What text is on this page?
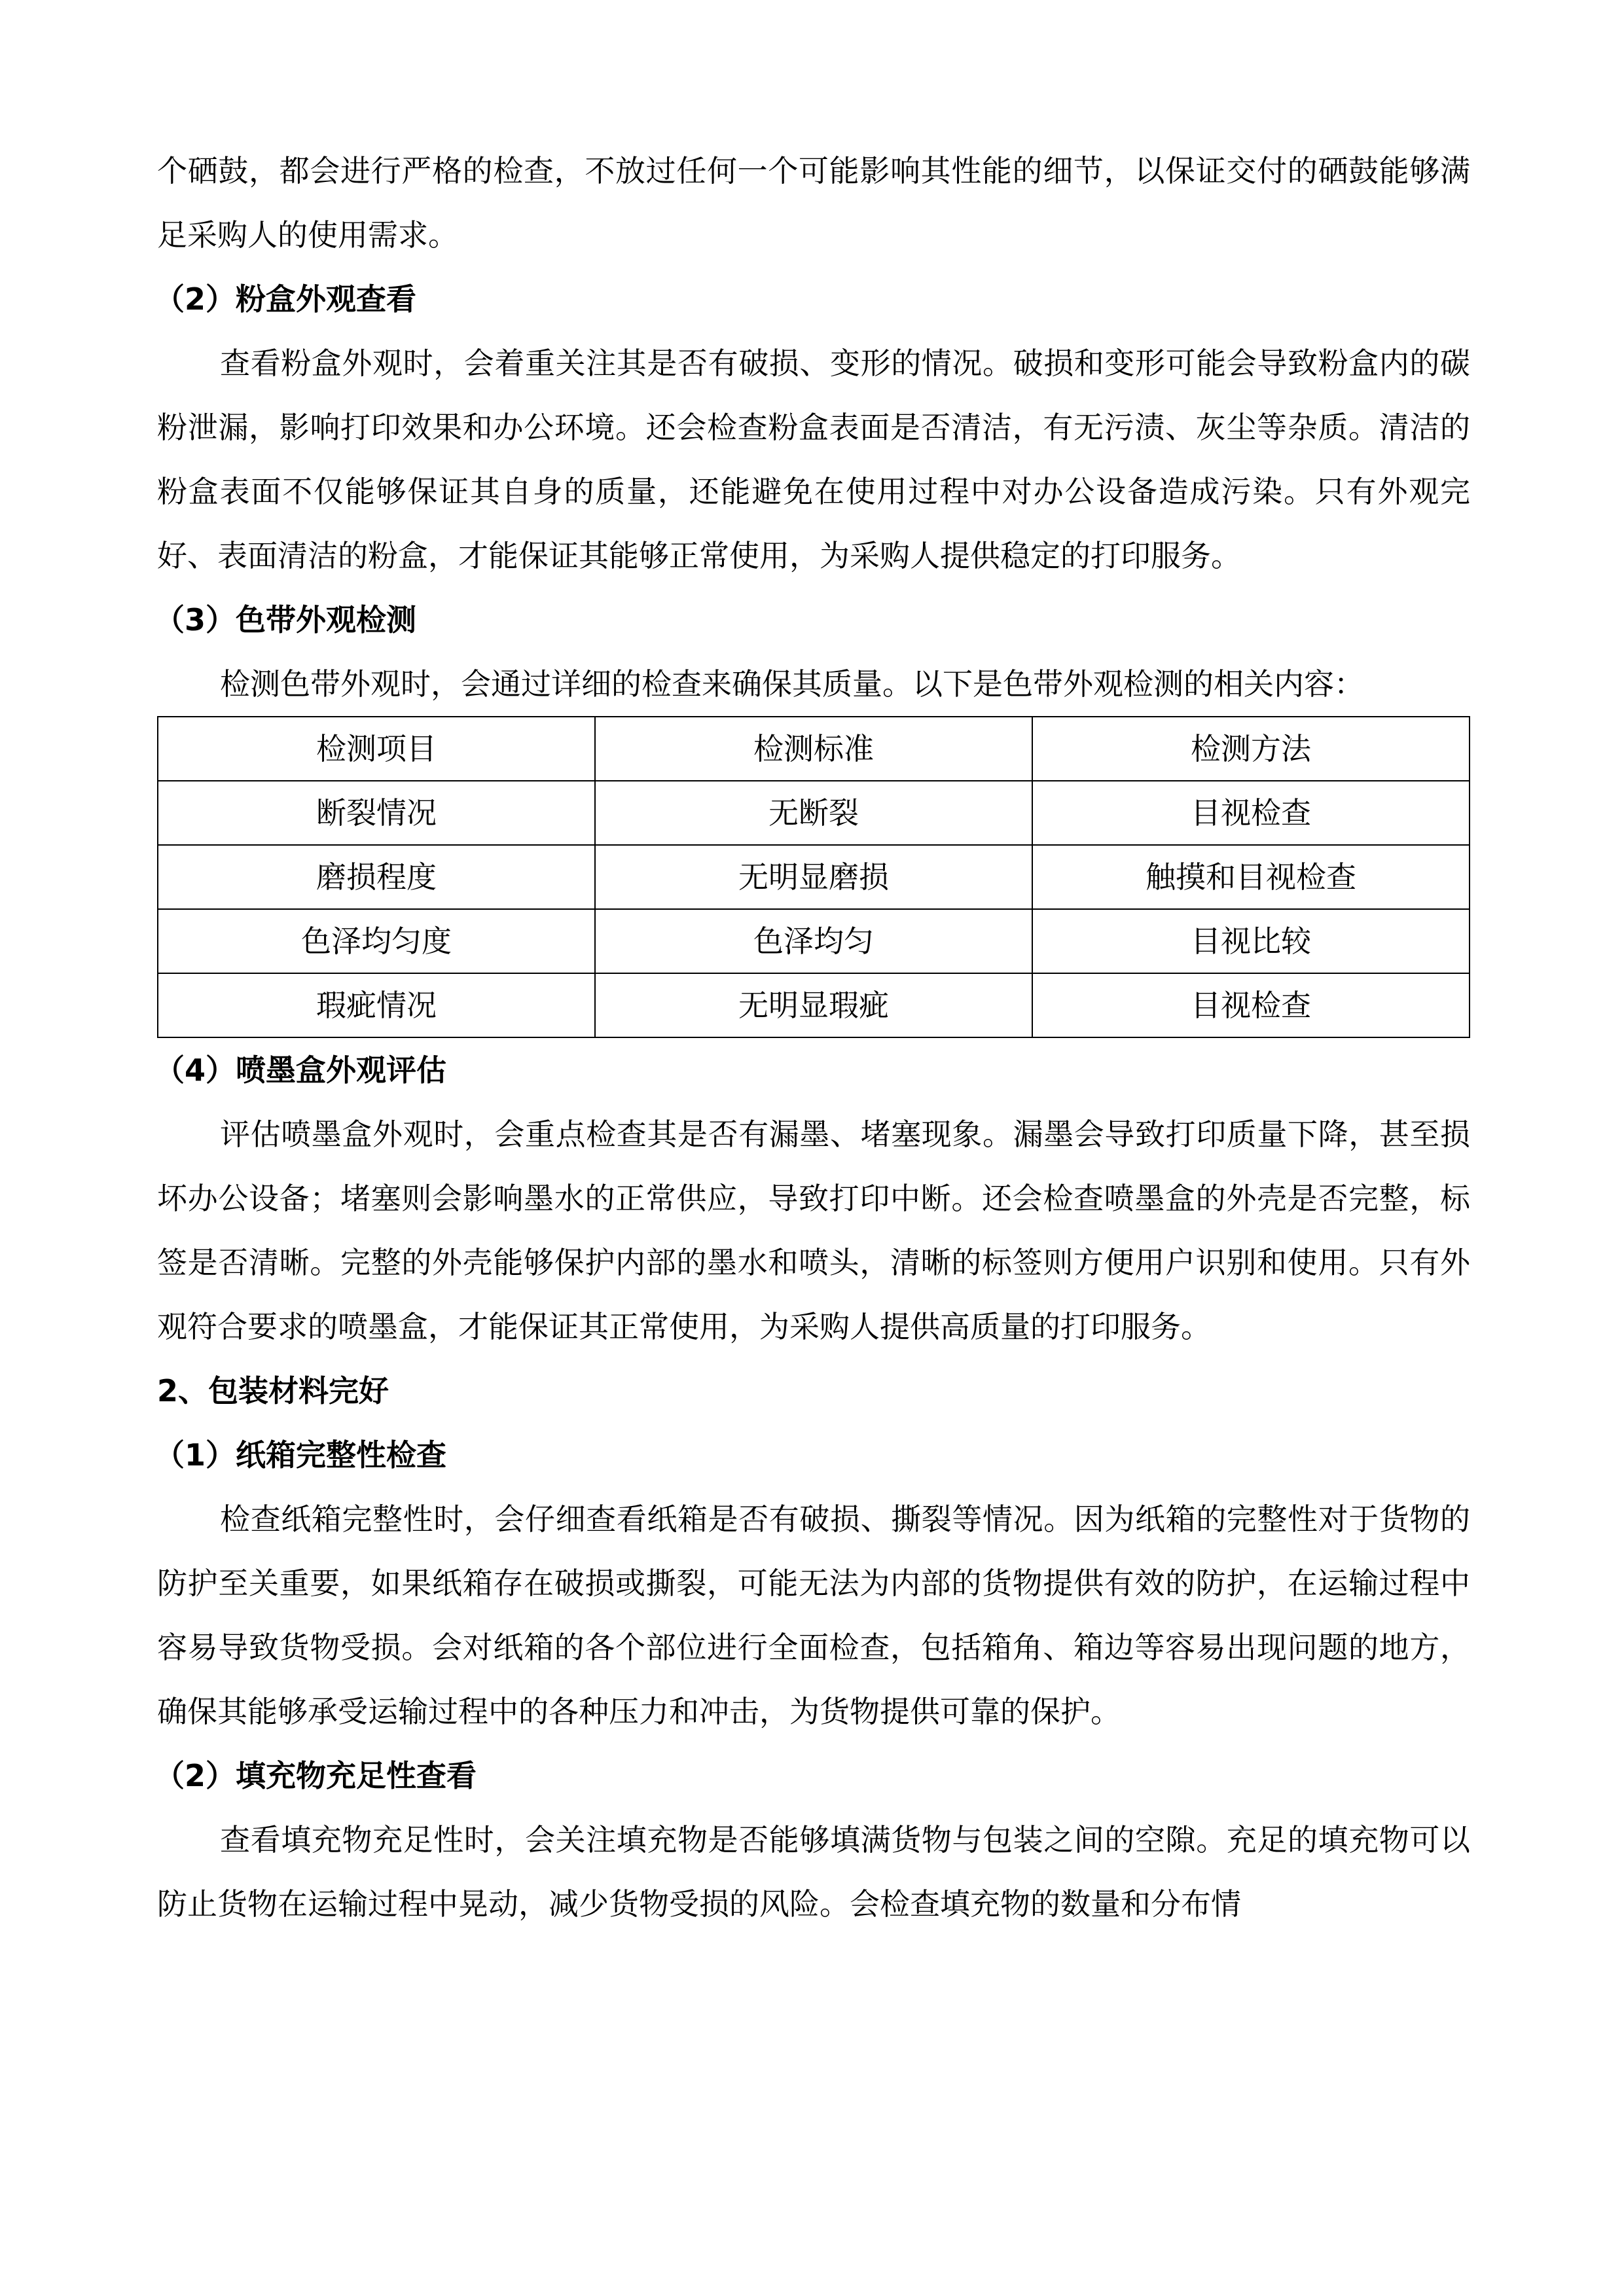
个硒鼓，都会进行严格的检查，不放过任何一个可能影响其性能的细节，以保证交付的硒鼓能够满足采购人的使用需求。

（2）粉盒外观查看

查看粉盒外观时，会着重关注其是否有破损、变形的情况。破损和变形可能会导致粉盒内的碳粉泄漏，影响打印效果和办公环境。还会检查粉盒表面是否清洁，有无污渍、灰尘等杂质。清洁的粉盒表面不仅能够保证其自身的质量，还能避免在使用过程中对办公设备造成污染。只有外观完好、表面清洁的粉盒，才能保证其能够正常使用，为采购人提供稳定的打印服务。

（3）色带外观检测

检测色带外观时，会通过详细的检查来确保其质量。以下是色带外观检测的相关内容：

检测项目	检测标准	检测方法
断裂情况	无断裂	目视检查
磨损程度	无明显磨损	触摸和目视检查
色泽均匀度	色泽均匀	目视比较
瑕疵情况	无明显瑕疵	目视检查
（4）喷墨盒外观评估

评估喷墨盒外观时，会重点检查其是否有漏墨、堵塞现象。漏墨会导致打印质量下降，甚至损坏办公设备；堵塞则会影响墨水的正常供应，导致打印中断。还会检查喷墨盒的外壳是否完整，标签是否清晰。完整的外壳能够保护内部的墨水和喷头，清晰的标签则方便用户识别和使用。只有外观符合要求的喷墨盒，才能保证其正常使用，为采购人提供高质量的打印服务。

2、包装材料完好
（1）纸箱完整性检查

检查纸箱完整性时，会仔细查看纸箱是否有破损、撕裂等情况。因为纸箱的完整性对于货物的防护至关重要，如果纸箱存在破损或撕裂，可能无法为内部的货物提供有效的防护，在运输过程中容易导致货物受损。会对纸箱的各个部位进行全面检查，包括箱角、箱边等容易出现问题的地方，确保其能够承受运输过程中的各种压力和冲击，为货物提供可靠的保护。

（2）填充物充足性查看

查看填充物充足性时，会关注填充物是否能够填满货物与包装之间的空隙。充足的填充物可以防止货物在运输过程中晃动，减少货物受损的风险。会检查填充物的数量和分布情
